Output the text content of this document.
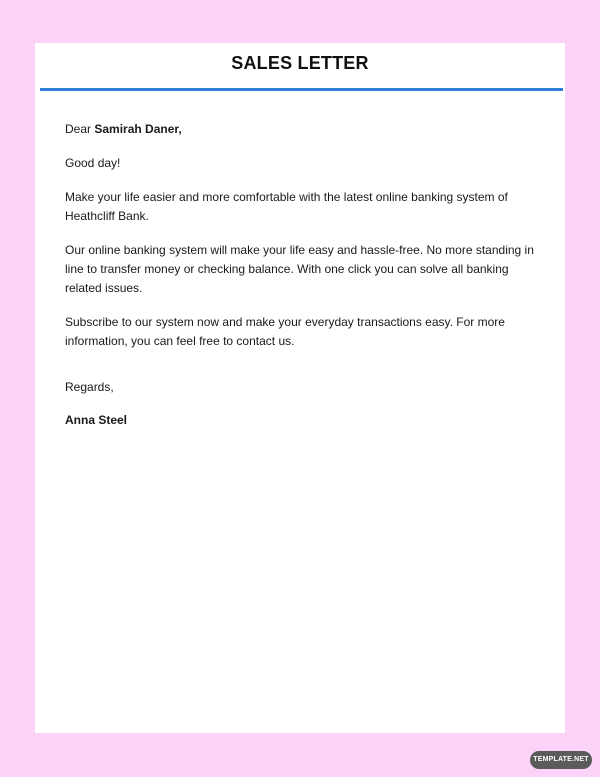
SALES LETTER

Dear Samirah Daner,

Good day!

Make your life easier and more comfortable with the latest online banking system of Heathcliff Bank.

Our online banking system will make your life easy and hassle-free. No more standing in line to transfer money or checking balance. With one click you can solve all banking related issues.

Subscribe to our system now and make your everyday transactions easy. For more information, you can feel free to contact us.

Regards,

Anna Steel

TEMPLATE.NET
